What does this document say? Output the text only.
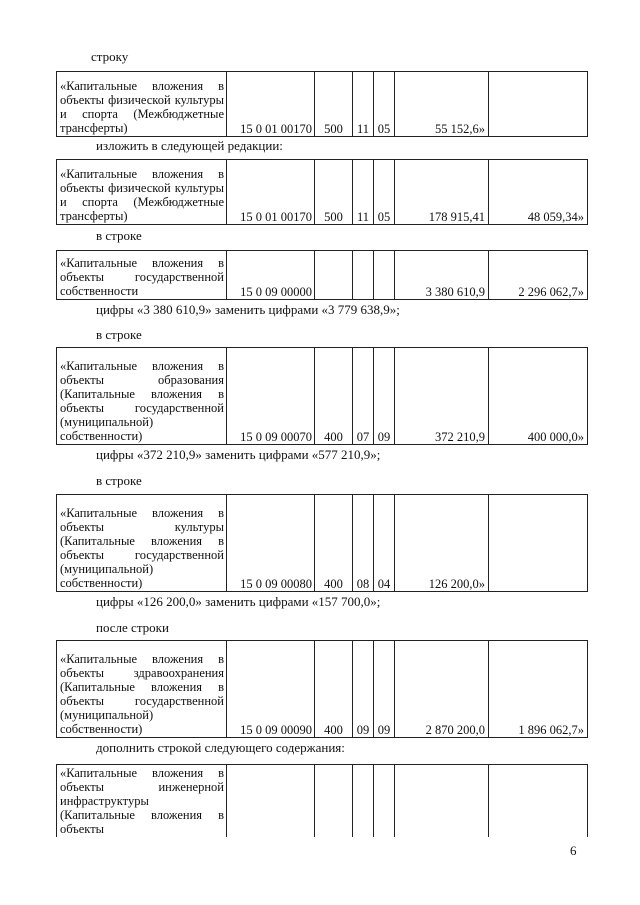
строку
«Капитальные вложения в объекты физической культуры и спорта (Межбюджетные трансферты)	15 0 01 00170	500	11	05	55 152,6»	
изложить в следующей редакции:
«Капитальные вложения в объекты физической культуры и спорта (Межбюджетные трансферты)	15 0 01 00170	500	11	05	178 915,41	48 059,34»
в строке
«Капитальные вложения в объекты государственной собственности	15 0 09 00000				3 380 610,9	2 296 062,7»
цифры «3 380 610,9» заменить цифрами «3 779 638,9»;
в строке
«Капитальные вложения в объекты образования (Капитальные вложения в объекты государственной (муниципальной) собственности)	15 0 09 00070	400	07	09	372 210,9	400 000,0»
цифры «372 210,9» заменить цифрами «577 210,9»;
в строке
«Капитальные вложения в объекты культуры (Капитальные вложения в объекты государственной (муниципальной) собственности)	15 0 09 00080	400	08	04	126 200,0»	
цифры «126 200,0» заменить цифрами «157 700,0»;
после строки
«Капитальные вложения в объекты здравоохранения (Капитальные вложения в объекты государственной (муниципальной) собственности)	15 0 09 00090	400	09	09	2 870 200,0	1 896 062,7»
дополнить строкой следующего содержания:
«Капитальные вложения в объекты инженерной инфраструктуры (Капитальные вложения в объекты						
6
